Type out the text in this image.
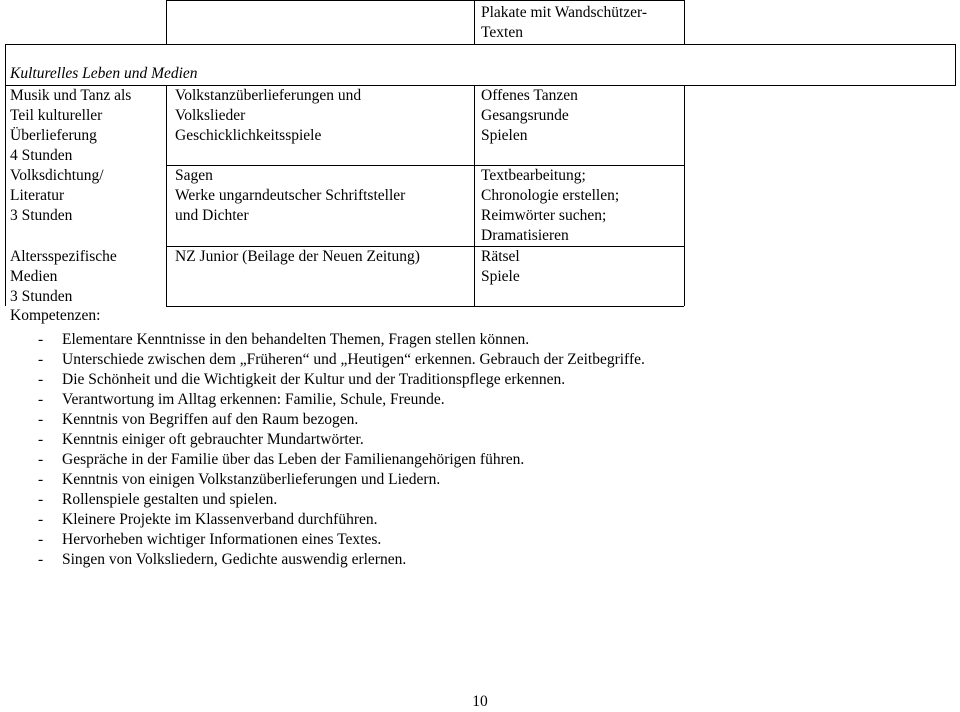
Plakate mit Wandschützer-
Texten
Kulturelles Leben und Medien
Musik und Tanz als
Teil kultureller
Überlieferung
4 Stunden
Volkstanzüberlieferungen und
Volkslieder
Geschicklichkeitsspiele
Offenes Tanzen
Gesangsrunde
Spielen
Volksdichtung/
Literatur
3 Stunden
Sagen
Werke ungarndeutscher Schriftsteller
und Dichter
Textbearbeitung;
Chronologie erstellen;
Reimwörter suchen;
Dramatisieren
Altersspezifische
Medien
3 Stunden
NZ Junior (Beilage der Neuen Zeitung)	Rätsel
Spiele
Kompetenzen:
- Elementare Kenntnisse in den behandelten Themen, Fragen stellen können.
- Unterschiede zwischen dem „Früheren“ und „Heutigen“ erkennen. Gebrauch der Zeitbegriffe.
- Die Schönheit und die Wichtigkeit der Kultur und der Traditionspflege erkennen.
- Verantwortung im Alltag erkennen: Familie, Schule, Freunde.
- Kenntnis von Begriffen auf den Raum bezogen.
- Kenntnis einiger oft gebrauchter Mundartwörter.
- Gespräche in der Familie über das Leben der Familienangehörigen führen.
- Kenntnis von einigen Volkstanzüberlieferungen und Liedern.
- Rollenspiele gestalten und spielen.
- Kleinere Projekte im Klassenverband durchführen.
- Hervorheben wichtiger Informationen eines Textes.
- Singen von Volksliedern, Gedichte auswendig erlernen.
10
